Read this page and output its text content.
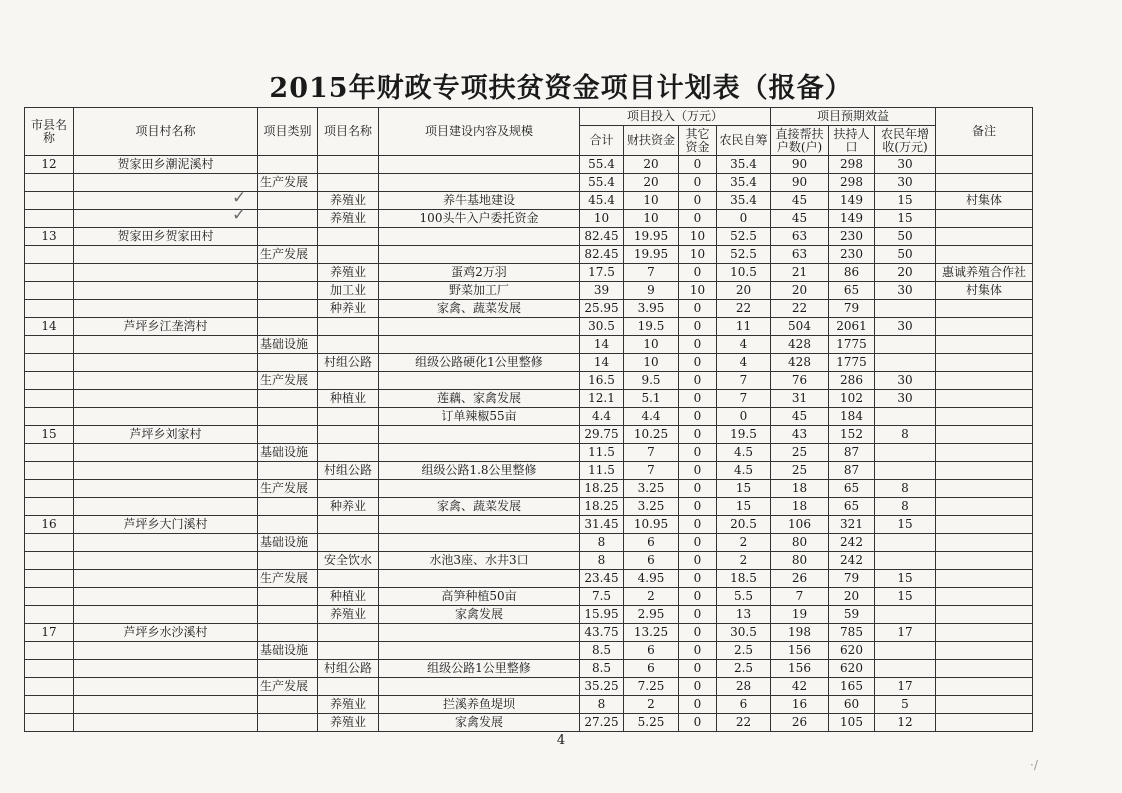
2015年财政专项扶贫资金项目计划表（报备）
市县名称	项目村名称	项目类别	项目名称	项目建设内容及规模	项目投入（万元）				项目预期效益			备注
					合计	财扶资金	其它资金	农民自筹	直接帮扶户数(户)	扶持人口	农民年增收(万元)	
12	贺家田乡潮泥溪村				55.4	20	0	35.4	90	298	30	
		生产发展			55.4	20	0	35.4	90	298	30	
			养殖业	养牛基地建设	45.4	10	0	35.4	45	149	15	村集体
			养殖业	100头牛入户委托资金	10	10	0	0	45	149	15	
13	贺家田乡贺家田村				82.45	19.95	10	52.5	63	230	50	
		生产发展			82.45	19.95	10	52.5	63	230	50	
			养殖业	蛋鸡2万羽	17.5	7	0	10.5	21	86	20	惠诚养殖合作社
			加工业	野菜加工厂	39	9	10	20	20	65	30	村集体
			种养业	家禽、蔬菜发展	25.95	3.95	0	22	22	79		
14	芦坪乡江垄湾村				30.5	19.5	0	11	504	2061	30	
		基础设施			14	10	0	4	428	1775		
			村组公路	组级公路硬化1公里整修	14	10	0	4	428	1775		
		生产发展			16.5	9.5	0	7	76	286	30	
			种植业	莲藕、家禽发展	12.1	5.1	0	7	31	102	30	
				订单辣椒55亩	4.4	4.4	0	0	45	184		
15	芦坪乡刘家村				29.75	10.25	0	19.5	43	152	8	
		基础设施			11.5	7	0	4.5	25	87		
			村组公路	组级公路1.8公里整修	11.5	7	0	4.5	25	87		
		生产发展			18.25	3.25	0	15	18	65	8	
			种养业	家禽、蔬菜发展	18.25	3.25	0	15	18	65	8	
16	芦坪乡大门溪村				31.45	10.95	0	20.5	106	321	15	
		基础设施			8	6	0	2	80	242		
			安全饮水	水池3座、水井3口	8	6	0	2	80	242		
		生产发展			23.45	4.95	0	18.5	26	79	15	
			种植业	高笋种植50亩	7.5	2	0	5.5	7	20	15	
			养殖业	家禽发展	15.95	2.95	0	13	19	59		
17	芦坪乡水沙溪村				43.75	13.25	0	30.5	198	785	17	
		基础设施			8.5	6	0	2.5	156	620		
			村组公路	组级公路1公里整修	8.5	6	0	2.5	156	620		
		生产发展			35.25	7.25	0	28	42	165	17	
			养殖业	拦溪养鱼堤坝	8	2	0	6	16	60	5	
			养殖业	家禽发展	27.25	5.25	0	22	26	105	12	
✓
✓
4
·/
